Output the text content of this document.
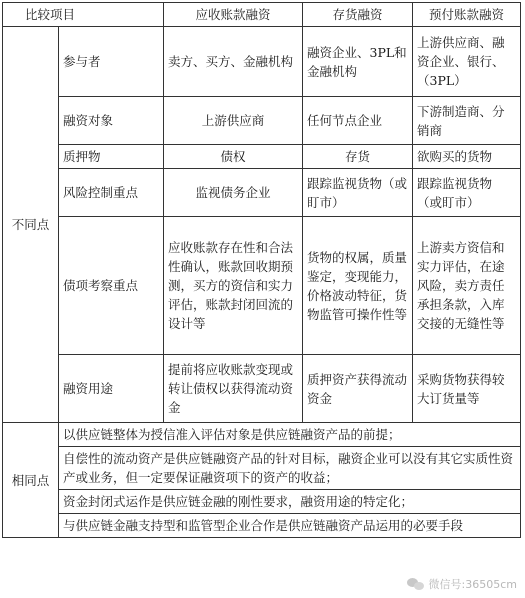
比较项目		应收账款融资	存货融资	预付账款融资
不同点	参与者	卖方、买方、金融机构	融资企业、3PL和金融机构	上游供应商、融资企业、银行、（3PL）
	融资对象	上游供应商	任何节点企业	下游制造商、分销商
	质押物	债权	存货	欲购买的货物
	风险控制重点	监视债务企业	跟踪监视货物（或盯市）	跟踪监视货物（或盯市）
	债项考察重点	应收账款存在性和合法性确认，账款回收期预测，买方的资信和实力评估，账款封闭回流的设计等	货物的权属，质量鉴定，变现能力，价格波动特征，货物监管可操作性等	上游卖方资信和实力评估，在途风险，卖方责任承担条款，入库交接的无缝性等
	融资用途	提前将应收账款变现或转让债权以获得流动资金	质押资产获得流动资金	采购货物获得较大订货量等
相同点	以供应链整体为授信准入评估对象是供应链融资产品的前提；			
	自偿性的流动资产是供应链融资产品的针对目标，融资企业可以没有其它实质性资产或业务，但一定要保证融资项下的资产的收益；			
	资金封闭式运作是供应链金融的刚性要求，融资用途的特定化；			
	与供应链金融支持型和监管型企业合作是供应链融资产品运用的必要手段			
微信号:36505cm
